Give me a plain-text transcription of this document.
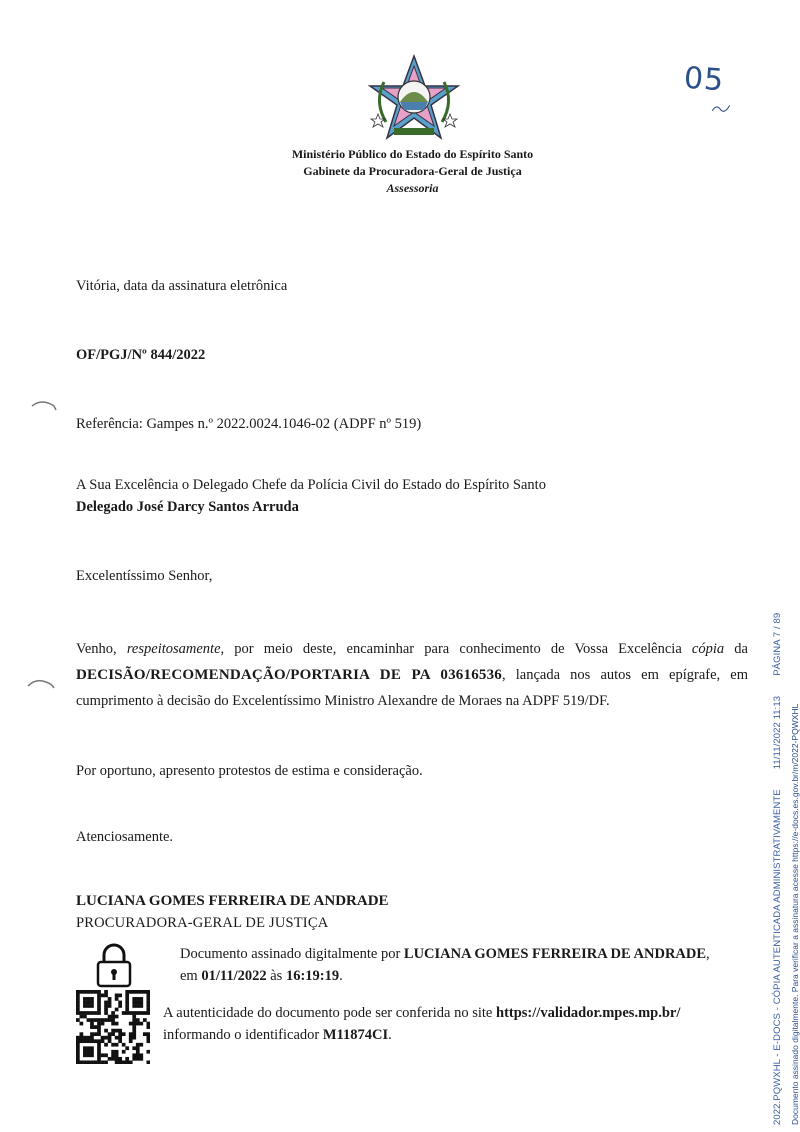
Ministério Público do Estado do Espírito Santo
Gabinete da Procuradora-Geral de Justiça
Assessoria
05
Vitória, data da assinatura eletrônica
OF/PGJ/Nº 844/2022
Referência: Gampes n.º 2022.0024.1046-02 (ADPF nº 519)
A Sua Excelência o Delegado Chefe da Polícia Civil do Estado do Espírito Santo
Delegado José Darcy Santos Arruda
Excelentíssimo Senhor,
Venho, respeitosamente, por meio deste, encaminhar para conhecimento de Vossa Excelência cópia da DECISÃO/RECOMENDAÇÃO/PORTARIA DE PA 03616536, lançada nos autos em epígrafe, em cumprimento à decisão do Excelentíssimo Ministro Alexandre de Moraes na ADPF 519/DF.
Por oportuno, apresento protestos de estima e consideração.
Atenciosamente.
LUCIANA GOMES FERREIRA DE ANDRADE
PROCURADORA-GERAL DE JUSTIÇA
Documento assinado digitalmente por LUCIANA GOMES FERREIRA DE ANDRADE, em 01/11/2022 às 16:19:19.
A autenticidade do documento pode ser conferida no site https://validador.mpes.mp.br/
informando o identificador M11874CI.	2022.PQWXHL - E-DOCS - CÓPIA AUTENTICADA ADMINISTRATIVAMENTE11/11/2022 11:13PÁGINA 7 / 89
Documento assinado digitalmente. Para verificar a assinatura acesse https://e-docs.es.gov.br/m/2022-PQWXHL
